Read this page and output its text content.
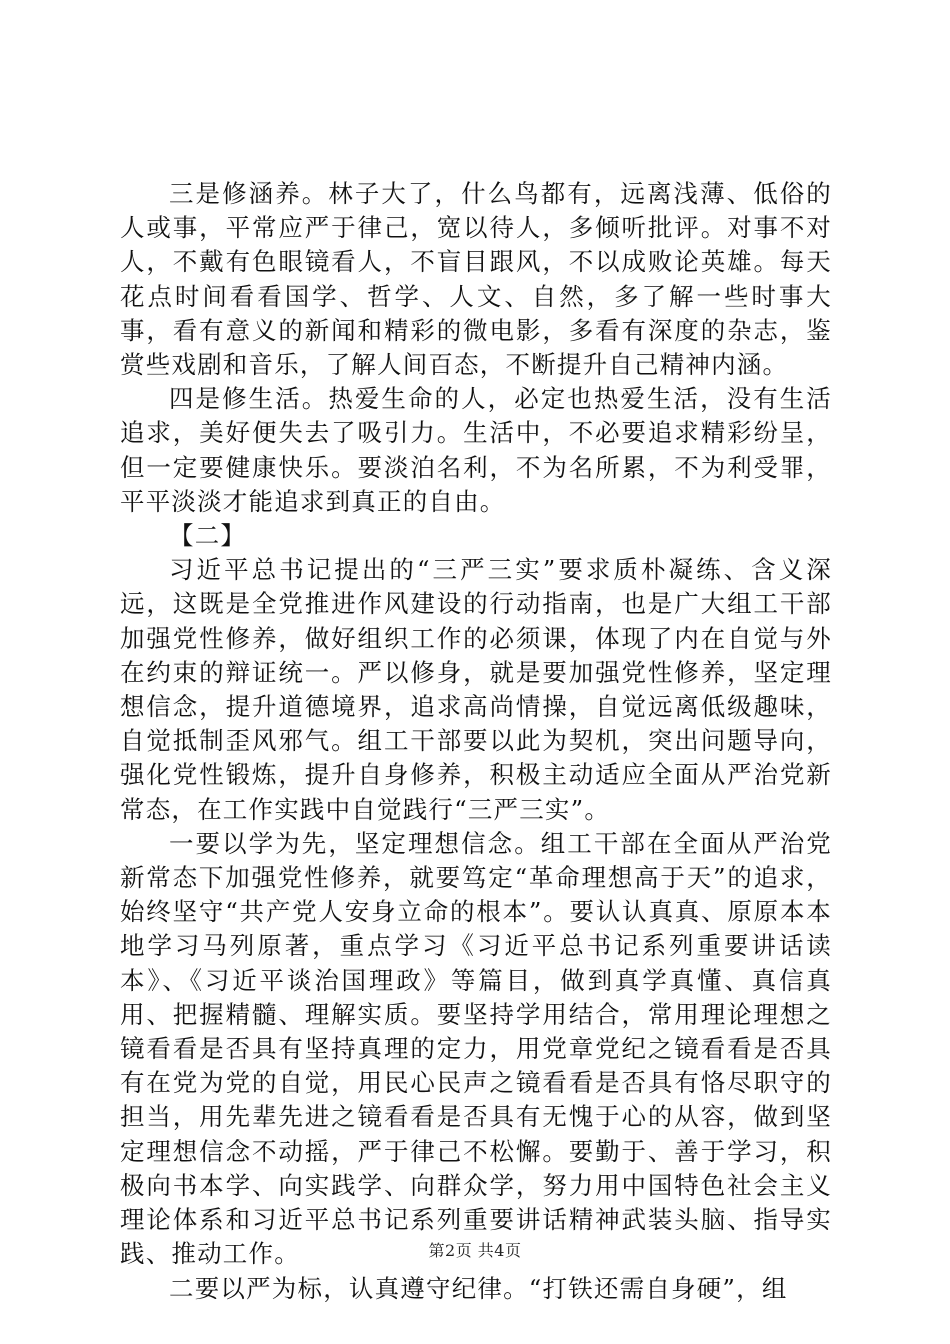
三是修涵养。林子大了，什么鸟都有，远离浅薄、低俗的人或事，平常应严于律己，宽以待人，多倾听批评。对事不对人，不戴有色眼镜看人，不盲目跟风，不以成败论英雄。每天花点时间看看国学、哲学、人文、自然，多了解一些时事大事，看有意义的新闻和精彩的微电影，多看有深度的杂志，鉴赏些戏剧和音乐，了解人间百态，不断提升自己精神内涵。

四是修生活。热爱生命的人，必定也热爱生活，没有生活追求，美好便失去了吸引力。生活中，不必要追求精彩纷呈，但一定要健康快乐。要淡泊名利，不为名所累，不为利受罪，平平淡淡才能追求到真正的自由。

【二】

习近平总书记提出的“三严三实”要求质朴凝练、含义深远，这既是全党推进作风建设的行动指南，也是广大组工干部加强党性修养，做好组织工作的必须课，体现了内在自觉与外在约束的辩证统一。严以修身，就是要加强党性修养，坚定理想信念，提升道德境界，追求高尚情操，自觉远离低级趣味，自觉抵制歪风邪气。组工干部要以此为契机，突出问题导向，强化党性锻炼，提升自身修养，积极主动适应全面从严治党新常态，在工作实践中自觉践行“三严三实”。

一要以学为先，坚定理想信念。组工干部在全面从严治党新常态下加强党性修养，就要笃定“革命理想高于天”的追求，始终坚守“共产党人安身立命的根本”。要认认真真、原原本本地学习马列原著，重点学习《习近平总书记系列重要讲话读本》、《习近平谈治国理政》等篇目，做到真学真懂、真信真用、把握精髓、理解实质。要坚持学用结合，常用理论理想之镜看看是否具有坚持真理的定力，用党章党纪之镜看看是否具有在党为党的自觉，用民心民声之镜看看是否具有恪尽职守的担当，用先辈先进之镜看看是否具有无愧于心的从容，做到坚定理想信念不动摇，严于律己不松懈。要勤于、善于学习，积极向书本学、向实践学、向群众学，努力用中国特色社会主义理论体系和习近平总书记系列重要讲话精神武装头脑、指导实践、推动工作。

二要以严为标，认真遵守纪律。“打铁还需自身硬”，组

第2页 共4页
